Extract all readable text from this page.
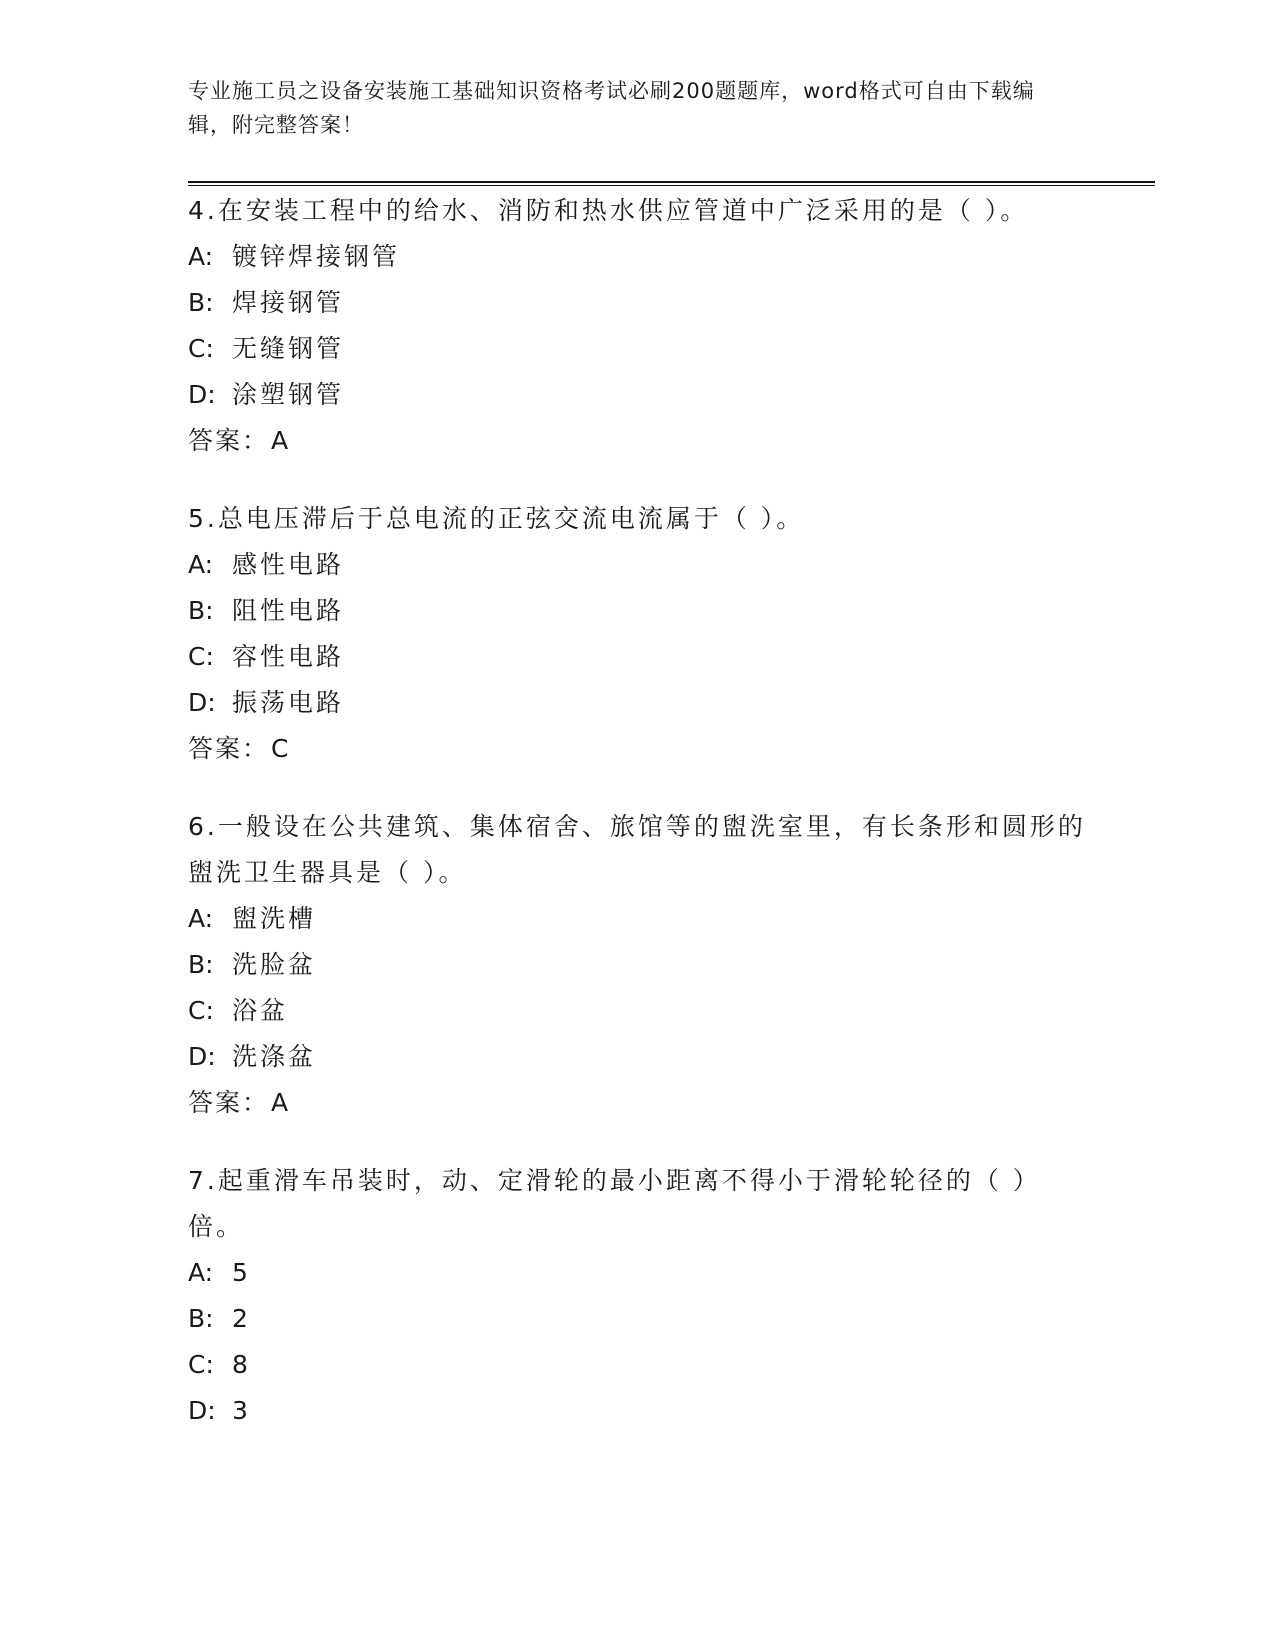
专业施工员之设备安装施工基础知识资格考试必刷200题题库，word格式可自由下载编辑，附完整答案！

4.在安装工程中的给水、消防和热水供应管道中广泛采用的是（ ）。

A: 镀锌焊接钢管

B: 焊接钢管

C: 无缝钢管

D: 涂塑钢管

答案：A

5.总电压滞后于总电流的正弦交流电流属于（ ）。

A: 感性电路

B: 阻性电路

C: 容性电路

D: 振荡电路

答案：C

6.一般设在公共建筑、集体宿舍、旅馆等的盥洗室里，有长条形和圆形的盥洗卫生器具是（ ）。

A: 盥洗槽

B: 洗脸盆

C: 浴盆

D: 洗涤盆

答案：A

7.起重滑车吊装时，动、定滑轮的最小距离不得小于滑轮轮径的（ ）倍。

A: 5

B: 2

C: 8

D: 3
